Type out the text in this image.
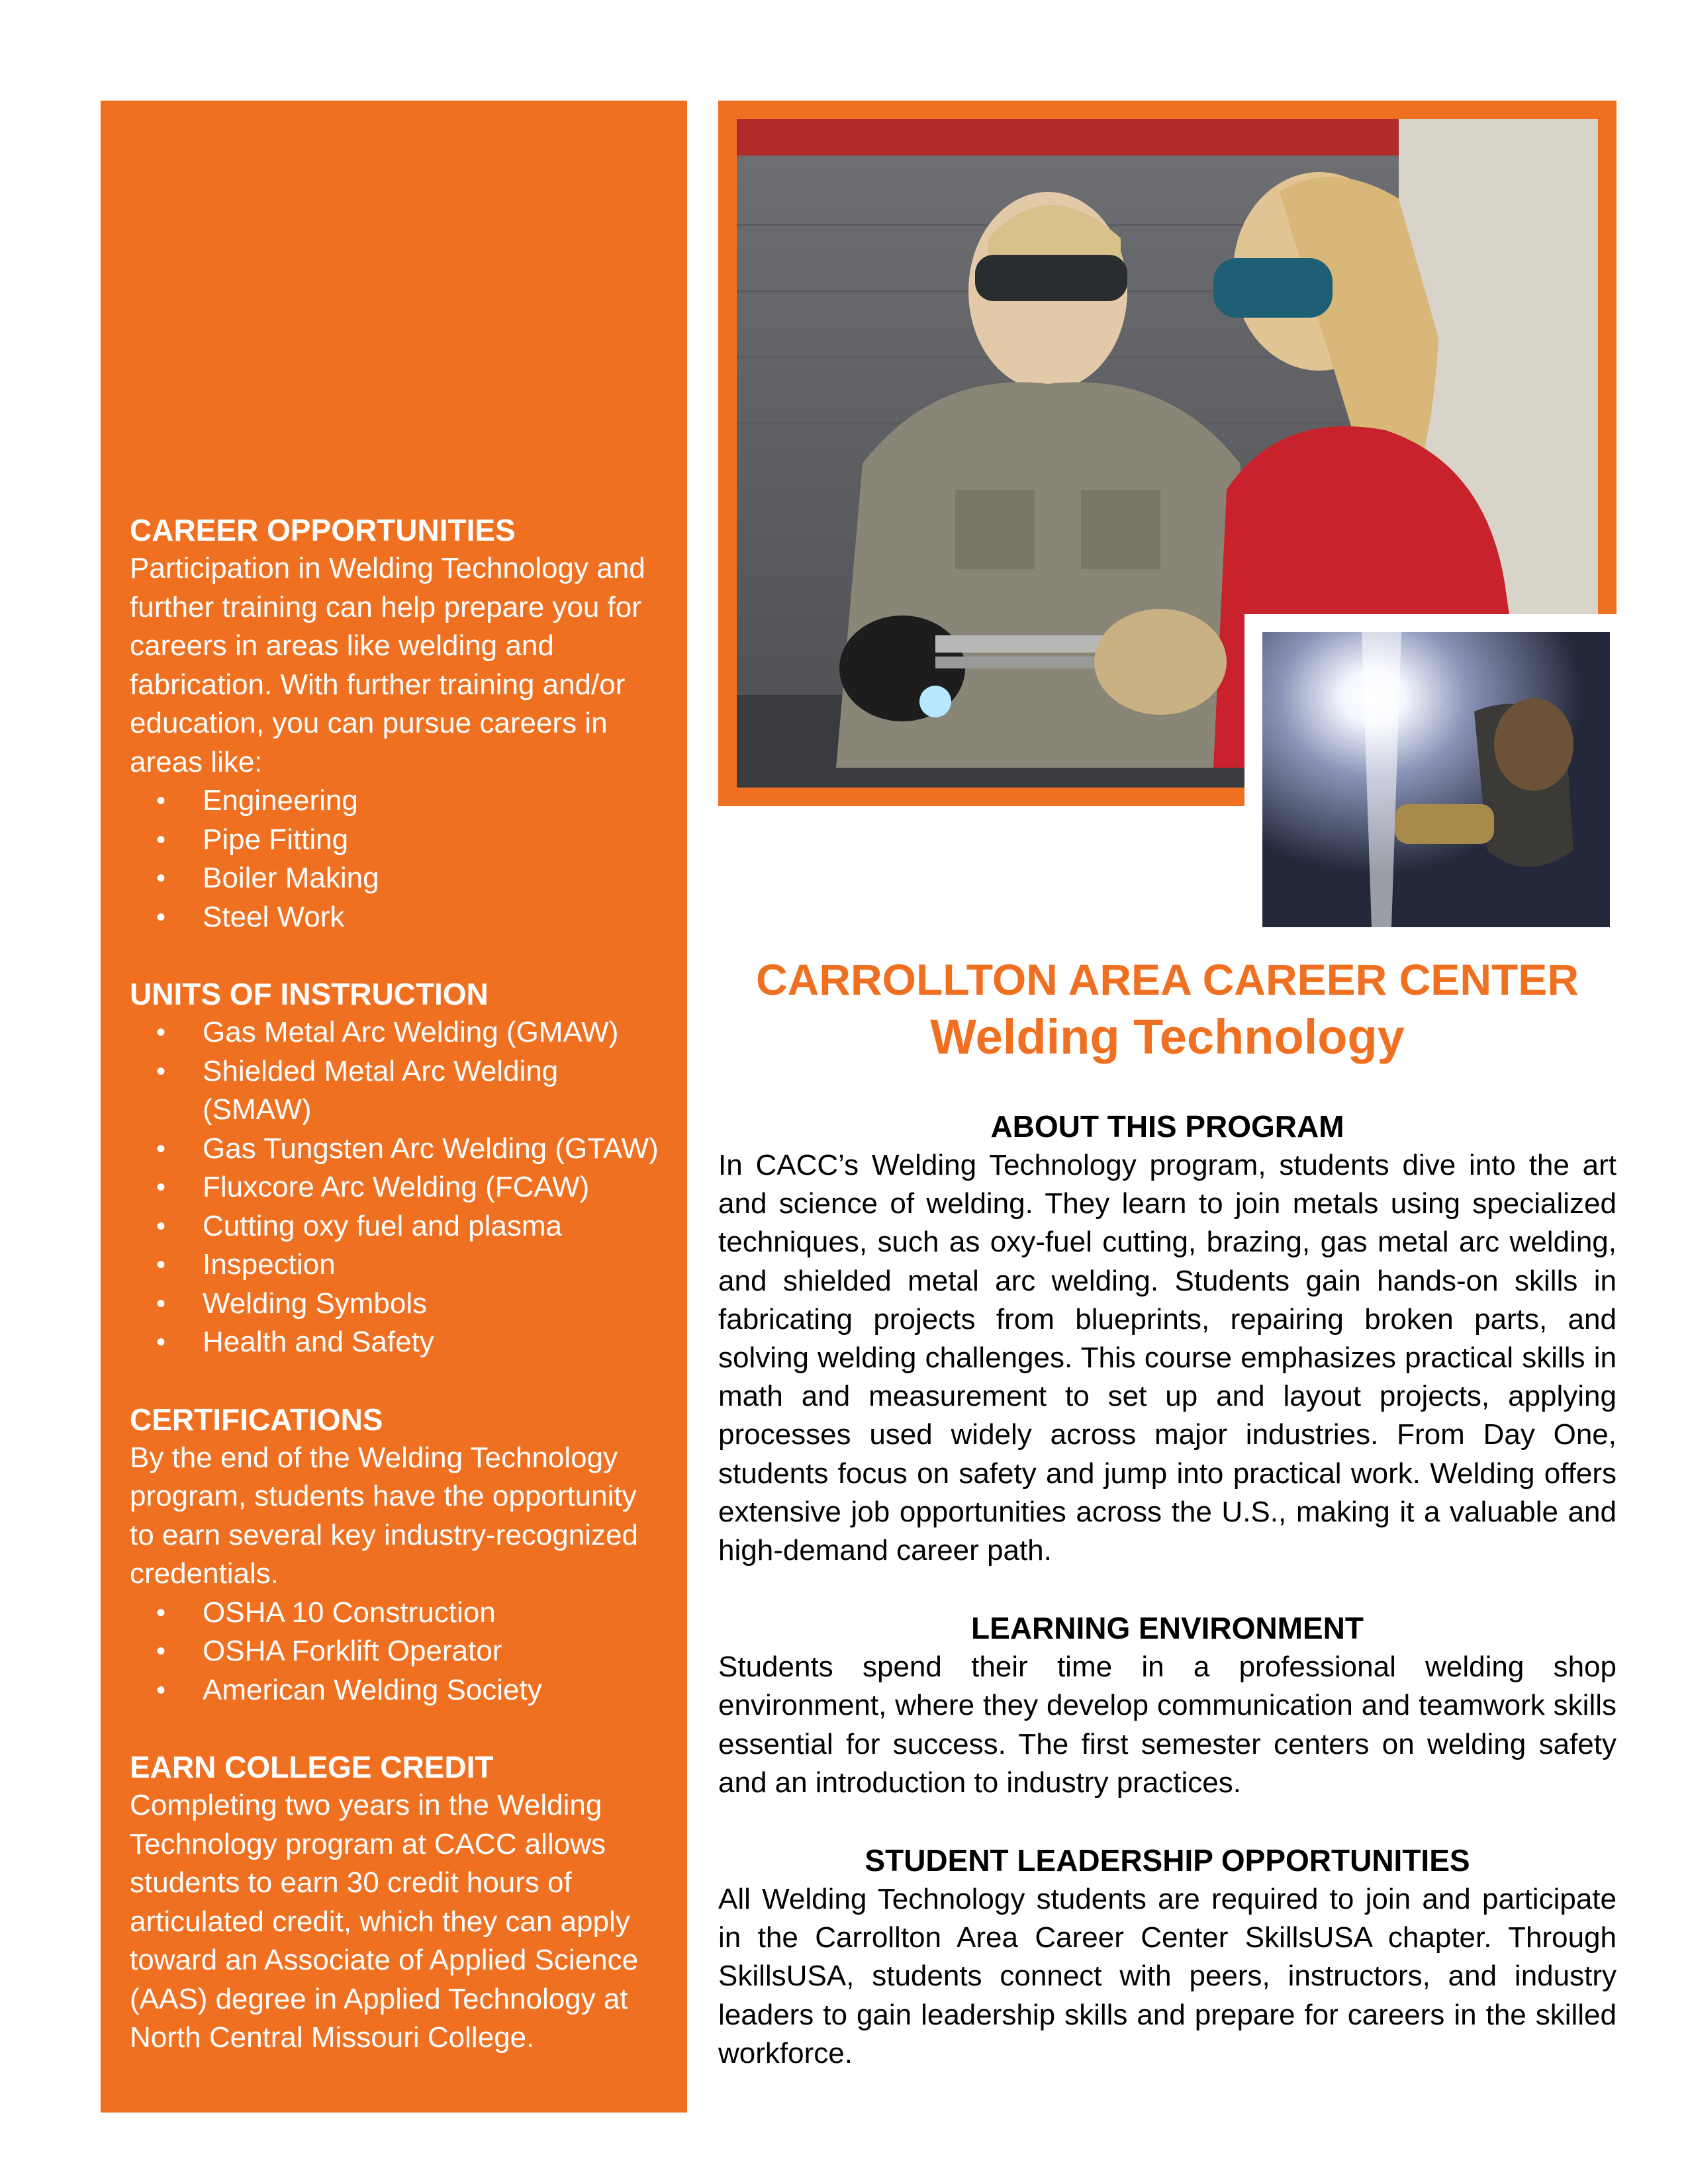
CAREER OPPORTUNITIES

Participation in Welding Technology and further training can help prepare you for careers in areas like welding and fabrication. With further training and/or education, you can pursue careers in areas like:

• Engineering
• Pipe Fitting
• Boiler Making
• Steel Work
UNITS OF INSTRUCTION
• Gas Metal Arc Welding (GMAW)
• Shielded Metal Arc Welding (SMAW)
• Gas Tungsten Arc Welding (GTAW)
• Fluxcore Arc Welding (FCAW)
• Cutting oxy fuel and plasma
• Inspection
• Welding Symbols
• Health and Safety
CERTIFICATIONS

By the end of the Welding Technology program, students have the opportunity to earn several key industry-recognized credentials.

• OSHA 10 Construction
• OSHA Forklift Operator
• American Welding Society
EARN COLLEGE CREDIT

Completing two years in the Welding Technology program at CACC allows students to earn 30 credit hours of articulated credit, which they can apply toward an Associate of Applied Science (AAS) degree in Applied Technology at North Central Missouri College.

CARROLLTON AREA CAREER CENTER
Welding Technology
ABOUT THIS PROGRAM

In CACC’s Welding Technology program, students dive into the art and science of welding. They learn to join metals using specialized techniques, such as oxy-fuel cutting, brazing, gas metal arc welding, and shielded metal arc welding. Students gain hands-on skills in fabricating projects from blueprints, repairing broken parts, and solving welding challenges. This course emphasizes practical skills in math and measurement to set up and layout projects, applying processes used widely across major industries. From Day One, students focus on safety and jump into practical work. Welding offers extensive job opportunities across the U.S., making it a valuable and high-demand career path.

LEARNING ENVIRONMENT

Students spend their time in a professional welding shop environment, where they develop communication and teamwork skills essential for success. The first semester centers on welding safety and an introduction to industry practices.

STUDENT LEADERSHIP OPPORTUNITIES

All Welding Technology students are required to join and participate in the Carrollton Area Career Center SkillsUSA chapter. Through SkillsUSA, students connect with peers, instructors, and industry leaders to gain leadership skills and prepare for careers in the skilled workforce.
